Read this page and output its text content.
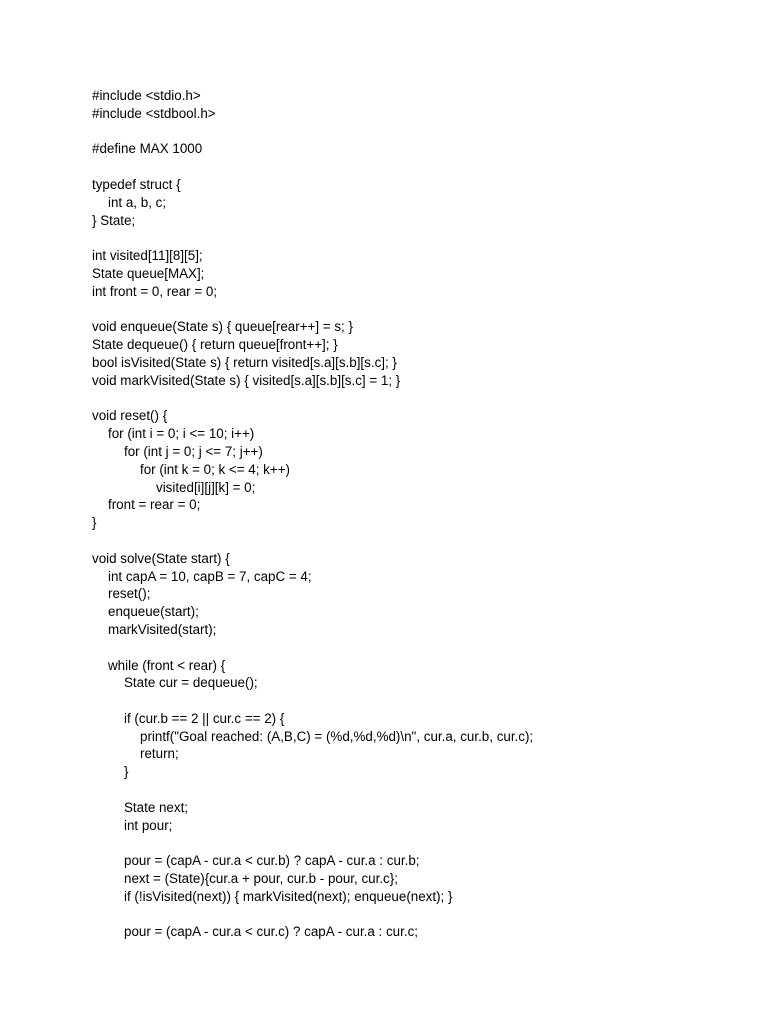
#include <stdio.h>
#include <stdbool.h>
#define MAX 1000
typedef struct {
int a, b, c;
} State;
int visited[11][8][5];
State queue[MAX];
int front = 0, rear = 0;
void enqueue(State s) { queue[rear++] = s; }
State dequeue() { return queue[front++]; }
bool isVisited(State s) { return visited[s.a][s.b][s.c]; }
void markVisited(State s) { visited[s.a][s.b][s.c] = 1; }
void reset() {
for (int i = 0; i <= 10; i++)
for (int j = 0; j <= 7; j++)
for (int k = 0; k <= 4; k++)
visited[i][j][k] = 0;
front = rear = 0;
}
void solve(State start) {
int capA = 10, capB = 7, capC = 4;
reset();
enqueue(start);
markVisited(start);
while (front < rear) {
State cur = dequeue();
if (cur.b == 2 || cur.c == 2) {
printf("Goal reached: (A,B,C) = (%d,%d,%d)\n", cur.a, cur.b, cur.c);
return;
}
State next;
int pour;
pour = (capA - cur.a < cur.b) ? capA - cur.a : cur.b;
next = (State){cur.a + pour, cur.b - pour, cur.c};
if (!isVisited(next)) { markVisited(next); enqueue(next); }
pour = (capA - cur.a < cur.c) ? capA - cur.a : cur.c;
